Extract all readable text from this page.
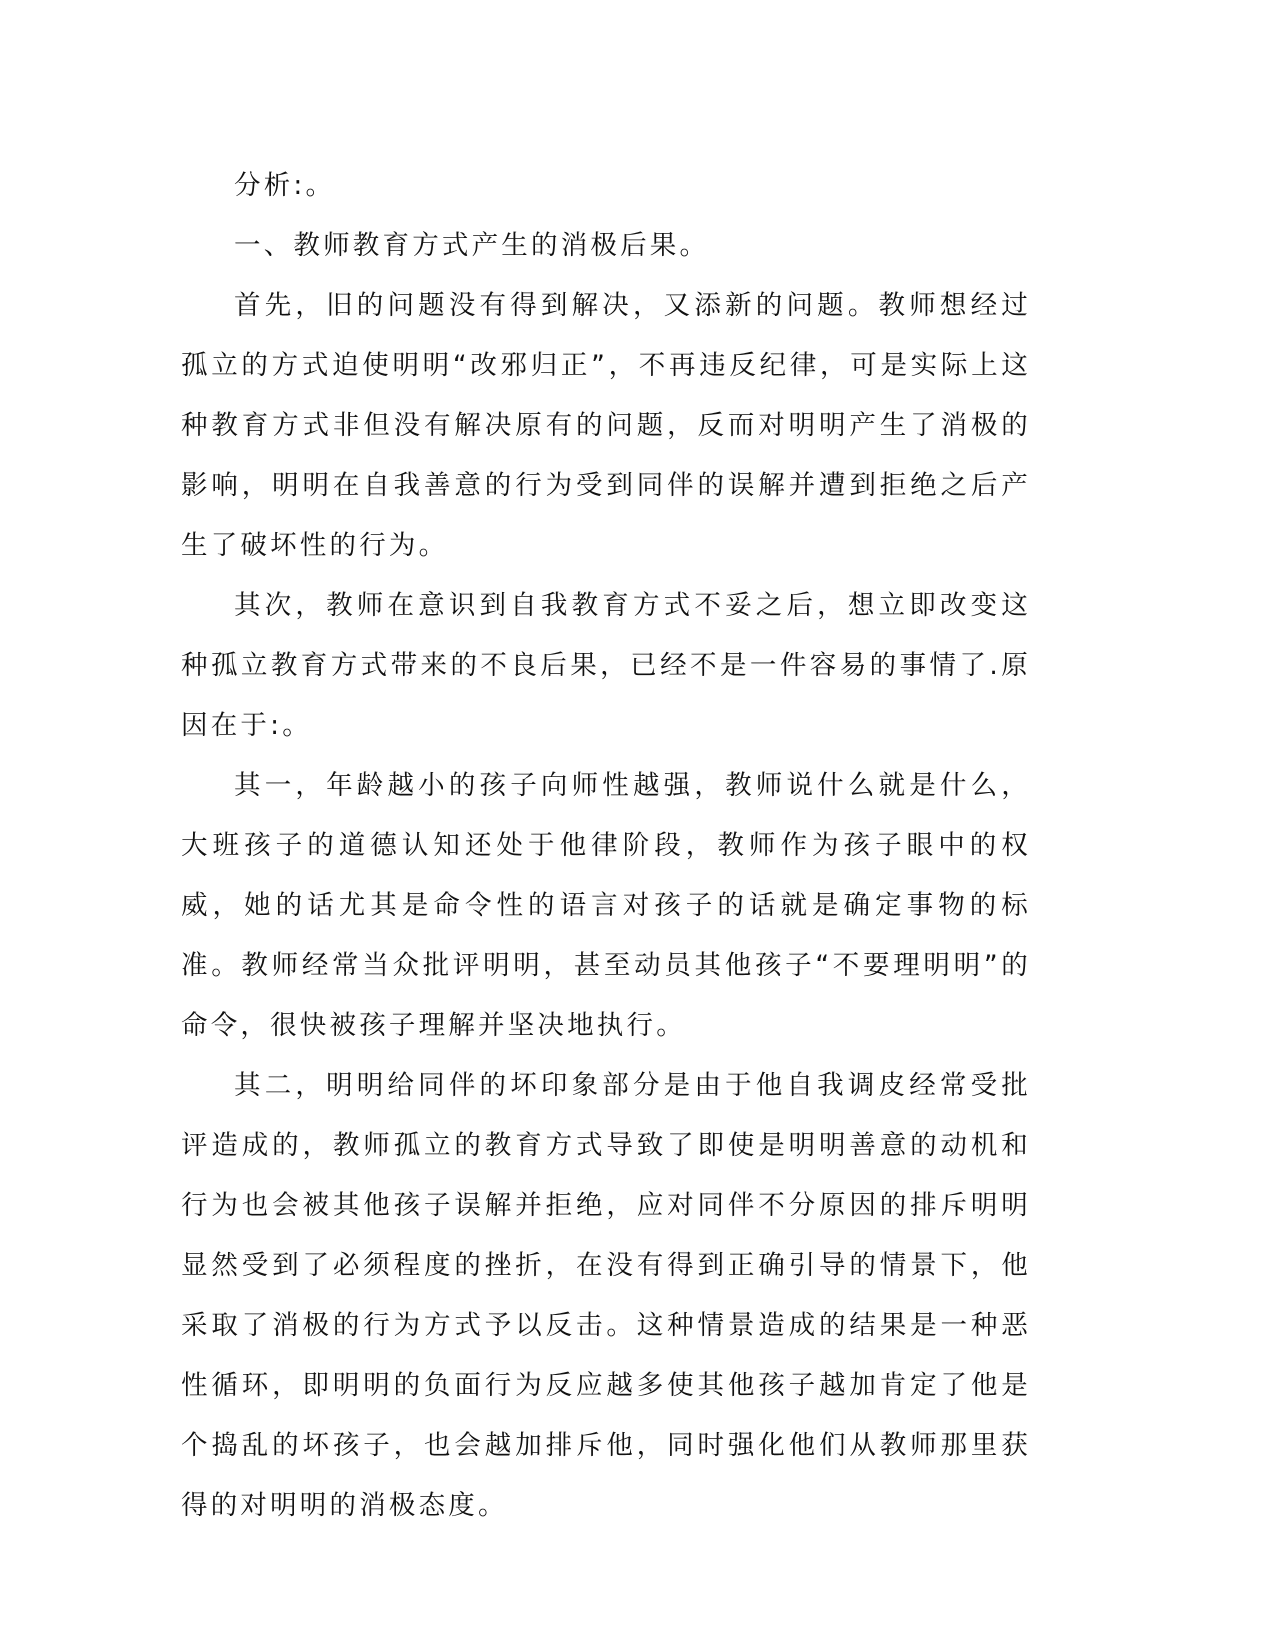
分析:。

一、教师教育方式产生的消极后果。

首先，旧的问题没有得到解决，又添新的问题。教师想经过孤立的方式迫使明明“改邪归正”，不再违反纪律，可是实际上这种教育方式非但没有解决原有的问题，反而对明明产生了消极的影响，明明在自我善意的行为受到同伴的误解并遭到拒绝之后产生了破坏性的行为。

其次，教师在意识到自我教育方式不妥之后，想立即改变这种孤立教育方式带来的不良后果，已经不是一件容易的事情了.原因在于:。

其一，年龄越小的孩子向师性越强，教师说什么就是什么，大班孩子的道德认知还处于他律阶段，教师作为孩子眼中的权威，她的话尤其是命令性的语言对孩子的话就是确定事物的标准。教师经常当众批评明明，甚至动员其他孩子“不要理明明”的命令，很快被孩子理解并坚决地执行。

其二，明明给同伴的坏印象部分是由于他自我调皮经常受批评造成的，教师孤立的教育方式导致了即使是明明善意的动机和行为也会被其他孩子误解并拒绝，应对同伴不分原因的排斥明明显然受到了必须程度的挫折，在没有得到正确引导的情景下，他采取了消极的行为方式予以反击。这种情景造成的结果是一种恶性循环，即明明的负面行为反应越多使其他孩子越加肯定了他是个捣乱的坏孩子，也会越加排斥他，同时强化他们从教师那里获得的对明明的消极态度。
